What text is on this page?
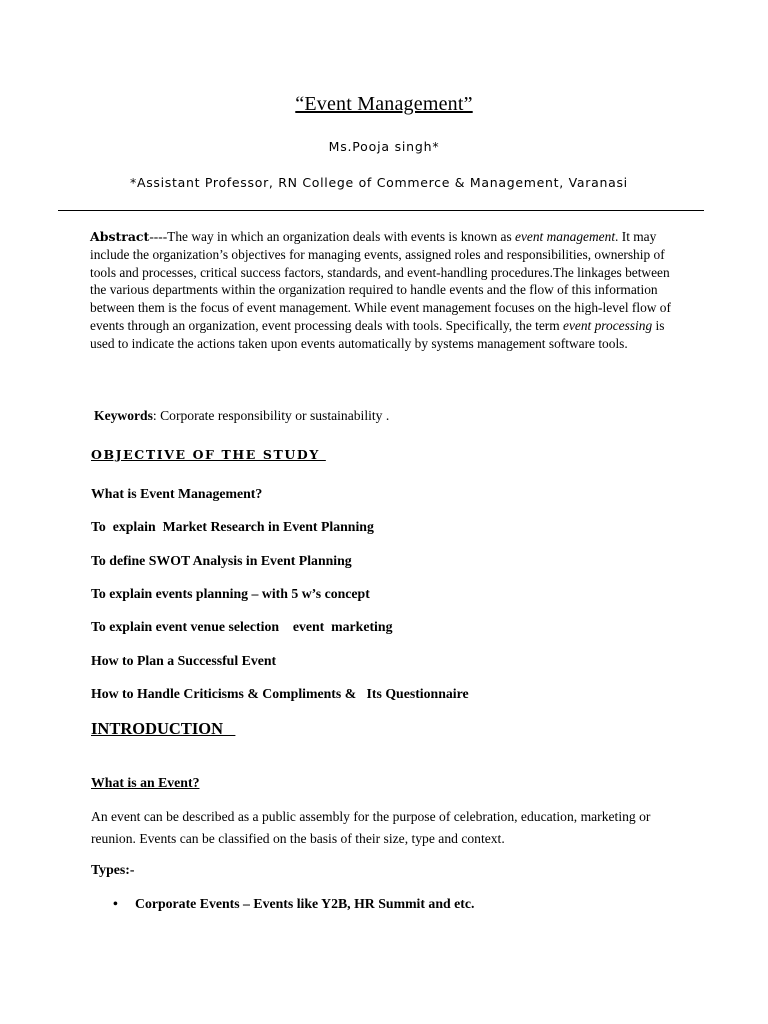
“Event Management”
Ms.Pooja singh*
*Assistant Professor, RN College of Commerce & Management, Varanasi
Abstract----The way in which an organization deals with events is known as event management. It may include the organization’s objectives for managing events, assigned roles and responsibilities, ownership of tools and processes, critical success factors, standards, and event-handling procedures.The linkages between the various departments within the organization required to handle events and the flow of this information between them is the focus of event management. While event management focuses on the high-level flow of events through an organization, event processing deals with tools. Specifically, the term event processing is used to indicate the actions taken upon events automatically by systems management software tools.
Keywords: Corporate responsibility or sustainability .
OBJECTIVE OF THE STUDY
What is Event Management?
To  explain  Market Research in Event Planning
To define SWOT Analysis in Event Planning
To explain events planning – with 5 w’s concept
To explain event venue selection    event  marketing
How to Plan a Successful Event
How to Handle Criticisms & Compliments &   Its Questionnaire
INTRODUCTION
What is an Event?
An event can be described as a public assembly for the purpose of celebration, education, marketing or reunion. Events can be classified on the basis of their size, type and context.
Types:-
• Corporate Events – Events like Y2B, HR Summit and etc.
